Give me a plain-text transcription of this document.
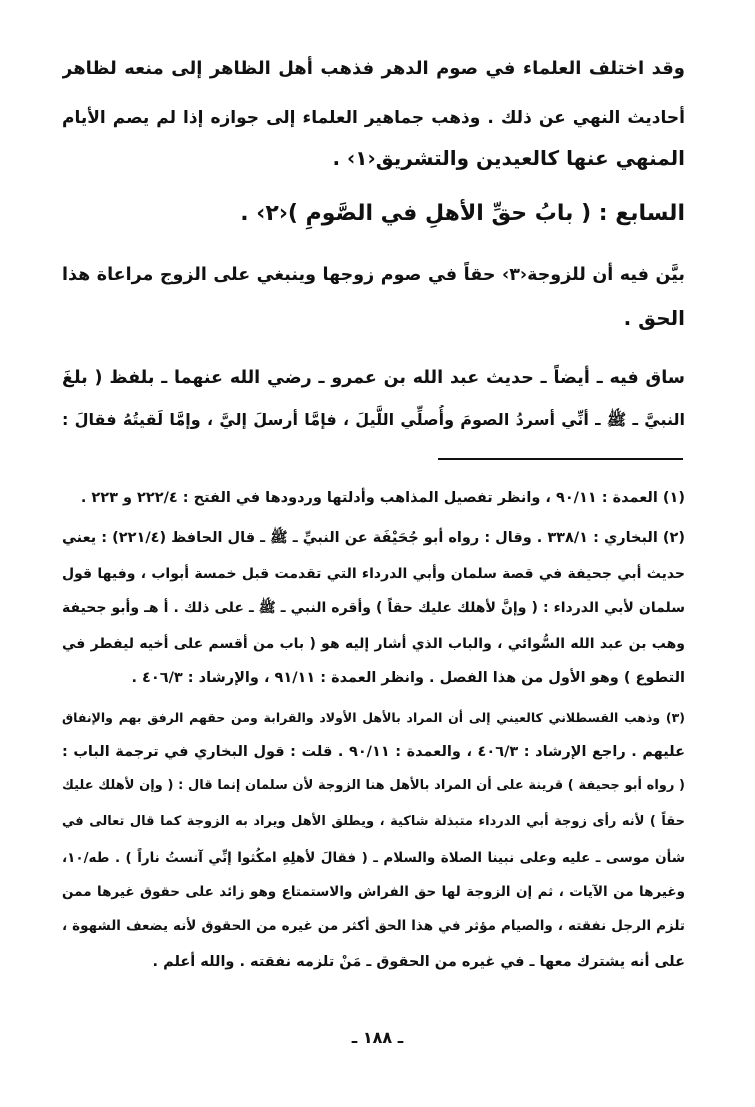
وقد اختلف العلماء في صوم الدهر فذهب أهل الظاهر إلى منعه لظاهر
أحاديث النهي عن ذلك . وذهب جماهير العلماء إلى جوازه إذا لم يصم الأيام
المنهي عنها كالعيدين والتشريق‹١› .
السابع : ( بابُ حقِّ الأهلِ في الصَّومِ )‹٢› .
بيَّن فيه أن للزوجة‹٣› حقاً في صوم زوجها وينبغي على الزوج مراعاة هذا
الحق .
ساق فيه ـ أيضاً ـ حديث عبد الله بن عمرو ـ رضي الله عنهما ـ بلفظ ( بلغَ
النبيَّ ـ ﷺ ـ أنِّي أسردُ الصومَ وأُصلِّي اللَّيلَ ، فإمَّا أرسلَ إليَّ ، وإمَّا لَقيتُهُ فقالَ :
(١) العمدة : ٩٠/١١ ، وانظر تفصيل المذاهب وأدلتها وردودها في الفتح : ٢٢٢/٤ و ٢٢٣ .
(٢) البخاري : ٣٣٨/١ . وقال : رواه أبو جُحَيْفَة عن النبيِّ ـ ﷺ ـ قال الحافظ (٢٢١/٤) : يعني
حديث أبي جحيفة في قصة سلمان وأبي الدرداء التي تقدمت قبل خمسة أبواب ، وفيها قول
سلمان لأبي الدرداء : ( وإنَّ لأهلك عليك حقاً ) وأقره النبي ـ ﷺ ـ على ذلك . أ هـ وأبو جحيفة
وهب بن عبد الله السُّوائي ، والباب الذي أشار إليه هو ( باب من أقسم على أخيه ليفطر في
التطوع ) وهو الأول من هذا الفصل . وانظر العمدة : ٩١/١١ ، والإرشاد : ٤٠٦/٣ .
(٣) وذهب القسطلاني كالعيني إلى أن المراد بالأهل الأولاد والقرابة ومن حقهم الرفق بهم والإنفاق
عليهم . راجع الإرشاد : ٤٠٦/٣ ، والعمدة : ٩٠/١١ . قلت : قول البخاري في ترجمة الباب :
( رواه أبو جحيفة ) قرينة على أن المراد بالأهل هنا الزوجة لأن سلمان إنما قال : ( وإن لأهلك عليك
حقاً ) لأنه رأى زوجة أبي الدرداء متبذلة شاكية ، ويطلق الأهل ويراد به الزوجة كما قال تعالى في
شأن موسى ـ عليه وعلى نبينا الصلاة والسلام ـ ( فقالَ لأهلِهِ امكُثوا إنِّي آنستُ ناراً ) . طه/١٠،
وغيرها من الآيات ، ثم إن الزوجة لها حق الفراش والاستمتاع وهو زائد على حقوق غيرها ممن
تلزم الرجل نفقته ، والصيام مؤثر في هذا الحق أكثر من غيره من الحقوق لأنه يضعف الشهوة ،
على أنه يشترك معها ـ في غيره من الحقوق ـ مَنْ تلزمه نفقته . والله أعلم .
ـ ١٨٨ ـ
